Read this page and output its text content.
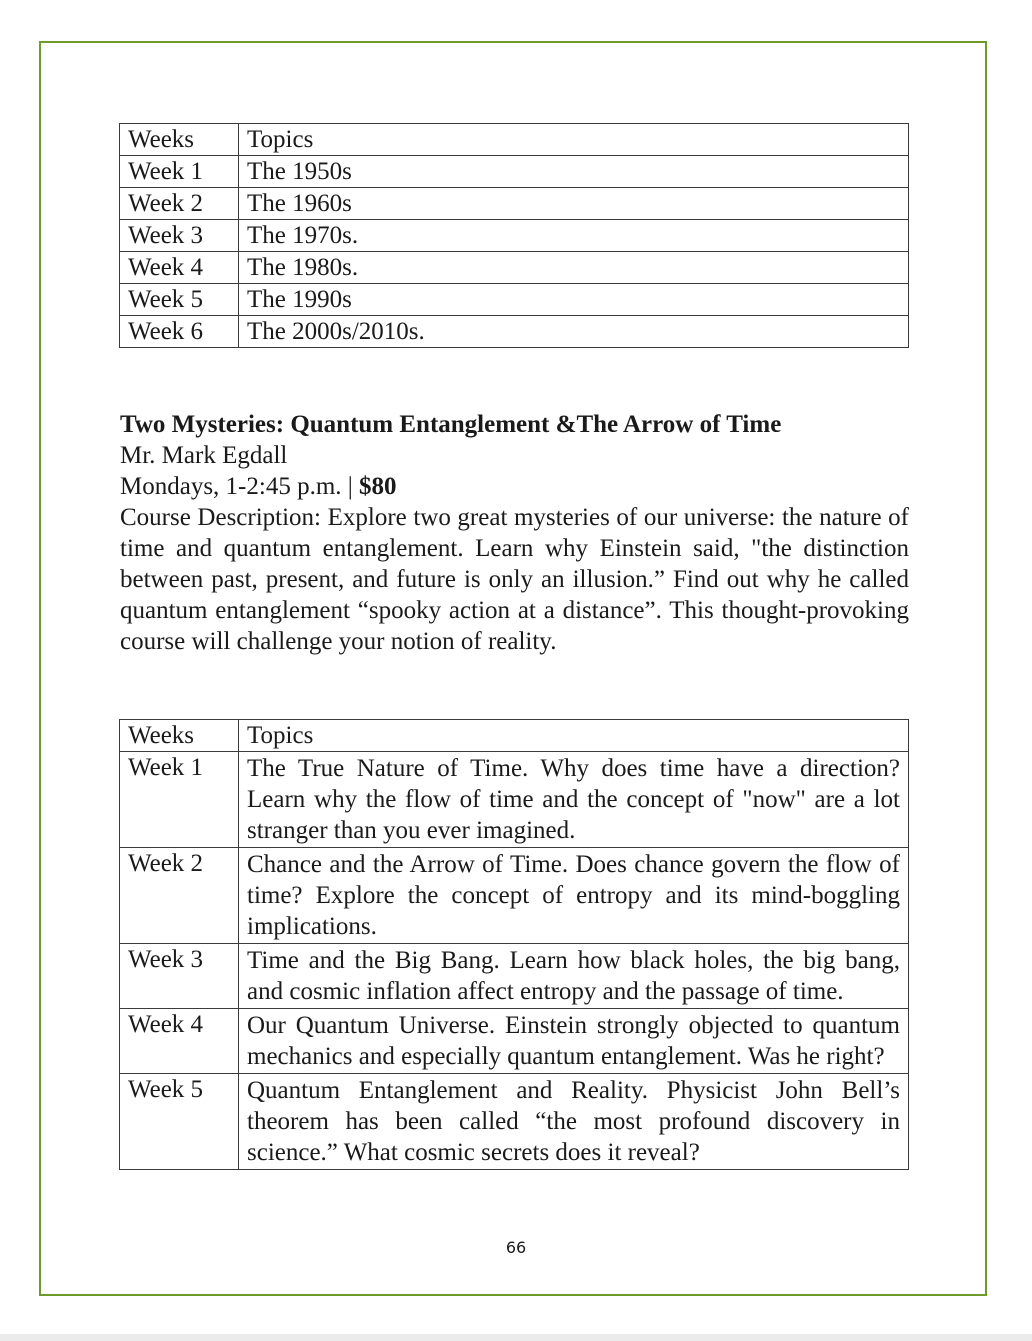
Weeks	Topics
Week 1	The 1950s
Week 2	The 1960s
Week 3	The 1970s.
Week 4	The 1980s.
Week 5	The 1990s
Week 6	The 2000s/2010s.
Two Mysteries: Quantum Entanglement &The Arrow of Time
Mr. Mark Egdall
Mondays, 1-2:45 p.m. | $80
Course Description: Explore two great mysteries of our universe: the nature of time and quantum entanglement. Learn why Einstein said, "the distinction between past, present, and future is only an illusion.” Find out why he called quantum entanglement “spooky action at a distance”. This thought-provoking course will challenge your notion of reality.
Weeks	Topics
Week 1	The True Nature of Time. Why does time have a direction? Learn why the flow of time and the concept of "now" are a lot stranger than you ever imagined.
Week 2	Chance and the Arrow of Time. Does chance govern the flow of time? Explore the concept of entropy and its mind-boggling implications.
Week 3	Time and the Big Bang. Learn how black holes, the big bang, and cosmic inflation affect entropy and the passage of time.
Week 4	Our Quantum Universe. Einstein strongly objected to quantum mechanics and especially quantum entanglement. Was he right?
Week 5	Quantum Entanglement and Reality. Physicist John Bell’s theorem has been called “the most profound discovery in science.” What cosmic secrets does it reveal?
66
